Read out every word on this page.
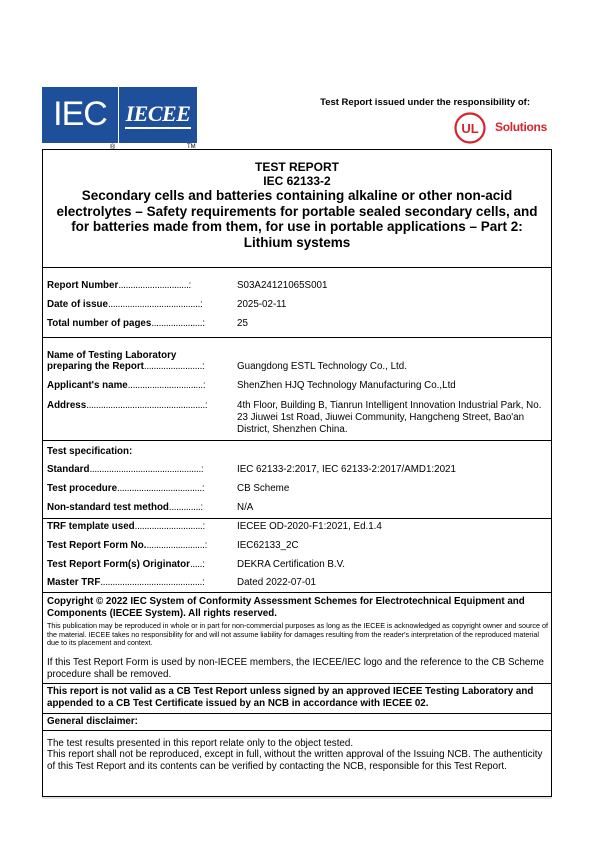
IEC
®
IECEE
TM
Test Report issued under the responsibility of:
UL Solutions
TEST REPORT
IEC 62133-2
Secondary cells and batteries containing alkaline or other non-acid electrolytes – Safety requirements for portable sealed secondary cells, and for batteries made from them, for use in portable applications – Part 2: Lithium systems
Report Number.............................:	S03A24121065S001
Date of issue......................................:	2025-02-11
Total number of pages.....................:	25
Name of Testing Laboratory
preparing the Report........................:	Guangdong ESTL Technology Co., Ltd.
Applicant's name...............................:	ShenZhen HJQ Technology Manufacturing Co.,Ltd
Address.................................................:	4th Floor, Building B, Tianrun Intelligent Innovation Industrial Park, No. 23 Jiuwei 1st Road, Jiuwei Community, Hangcheng Street, Bao'an District, Shenzhen China.
Test specification:
Standard..............................................:	IEC 62133-2:2017, IEC 62133-2:2017/AMD1:2021
Test procedure...................................:	CB Scheme
Non-standard test method.............:	N/A
TRF template used............................:	IECEE OD-2020-F1:2021, Ed.1.4
Test Report Form No.........................:	IEC62133_2C
Test Report Form(s) Originator.....:	DEKRA Certification B.V.
Master TRF..........................................:	Dated 2022-07-01
Copyright © 2022 IEC System of Conformity Assessment Schemes for Electrotechnical Equipment and Components (IECEE System). All rights reserved.
This publication may be reproduced in whole or in part for non-commercial purposes as long as the IECEE is acknowledged as copyright owner and source of the material. IECEE takes no responsibility for and will not assume liability for damages resulting from the reader's interpretation of the reproduced material due to its placement and context.
If this Test Report Form is used by non-IECEE members, the IECEE/IEC logo and the reference to the CB Scheme procedure shall be removed.
This report is not valid as a CB Test Report unless signed by an approved IECEE Testing Laboratory and appended to a CB Test Certificate issued by an NCB in accordance with IECEE 02.
General disclaimer:
The test results presented in this report relate only to the object tested.
This report shall not be reproduced, except in full, without the written approval of the Issuing NCB. The authenticity of this Test Report and its contents can be verified by contacting the NCB, responsible for this Test Report.
